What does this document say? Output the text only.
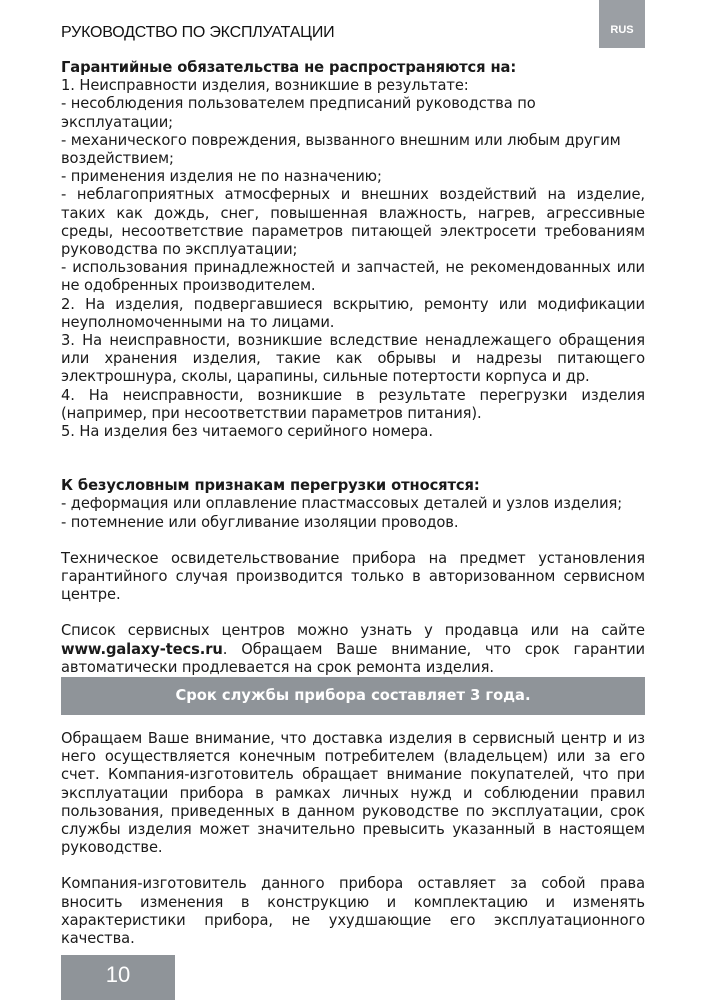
РУКОВОДСТВО ПО ЭКСПЛУАТАЦИИ	RUS

Гарантийные обязательства не распространяются на:

1. Неисправности изделия, возникшие в результате:

- несоблюдения пользователем предписаний руководства по эксплуатации;

- механического повреждения, вызванного внешним или любым другим воздействием;

- применения изделия не по назначению;

- неблагоприятных атмосферных и внешних воздействий на изделие, таких как дождь, снег, повышенная влажность, нагрев, агрессивные среды, несоответствие параметров питающей электросети требованиям руководства по эксплуатации;

- использования принадлежностей и запчастей, не рекомендованных или не одобренных производителем.

2. На изделия, подвергавшиеся вскрытию, ремонту или модификации неуполномоченными на то лицами.

3. На неисправности, возникшие вследствие ненадлежащего обращения или хранения изделия, такие как обрывы и надрезы питающего электрошнура, сколы, царапины, сильные потертости корпуса и др.

4. На неисправности, возникшие в результате перегрузки изделия (например, при несоответствии параметров питания).

5. На изделия без читаемого серийного номера.

К безусловным признакам перегрузки относятся:

- деформация или оплавление пластмассовых деталей и узлов изделия;

- потемнение или обугливание изоляции проводов.

Техническое освидетельствование прибора на предмет установления гарантийного случая производится только в авторизованном сервисном центре.

Список сервисных центров можно узнать у продавца или на сайте www.galaxy-tecs.ru. Обращаем Ваше внимание, что срок гарантии автоматически продлевается на срок ремонта изделия.

Срок службы прибора составляет 3 года.

Обращаем Ваше внимание, что доставка изделия в сервисный центр и из него осуществляется конечным потребителем (владельцем) или за его счет. Компания-изготовитель обращает внимание покупателей, что при эксплуатации прибора в рамках личных нужд и соблюдении правил пользования, приведенных в данном руководстве по эксплуатации, срок службы изделия может значительно превысить указанный в настоящем руководстве.

Компания-изготовитель данного прибора оставляет за собой права вносить изменения в конструкцию и комплектацию и изменять характеристики прибора, не ухудшающие его эксплуатационного качества.

10
